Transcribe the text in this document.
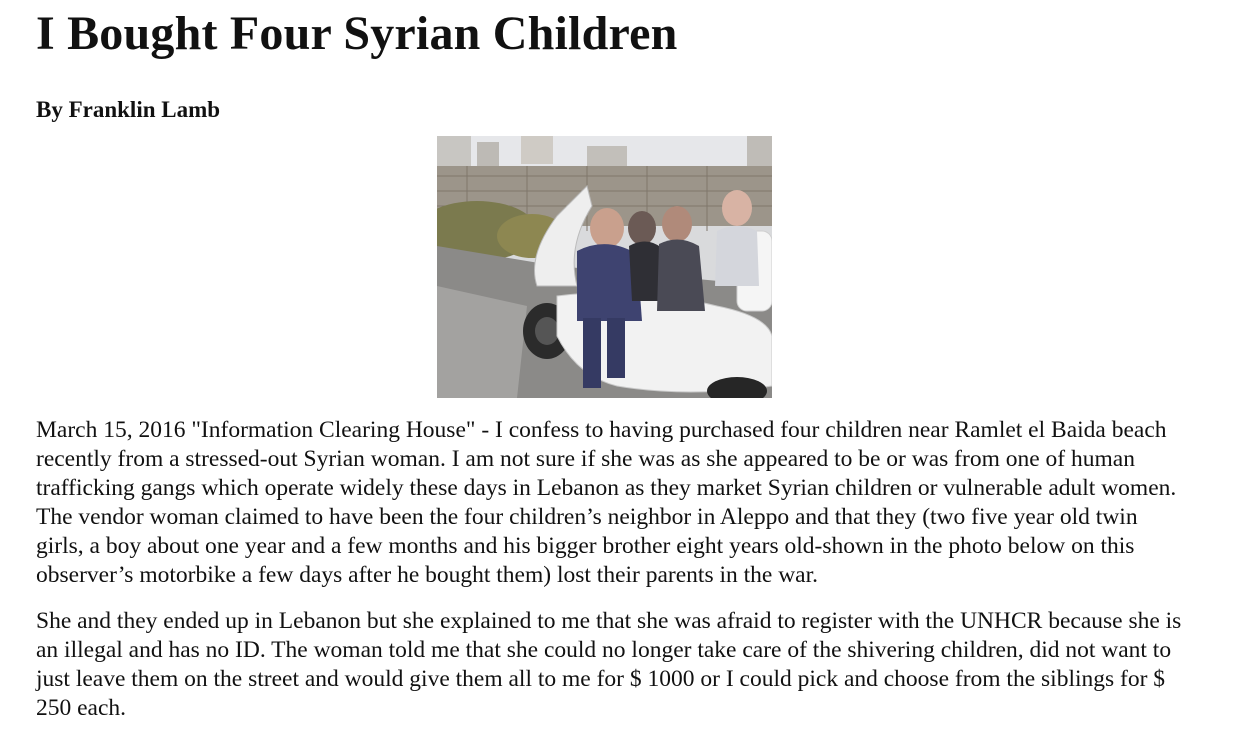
I Bought Four Syrian Children
By Franklin Lamb

March 15, 2016 "Information Clearing House" - I confess to having purchased four children near Ramlet el Baida beach recently from a stressed-out Syrian woman. I am not sure if she was as she appeared to be or was from one of human trafficking gangs which operate widely these days in Lebanon as they market Syrian children or vulnerable adult women. The vendor woman claimed to have been the four children’s neighbor in Aleppo and that they (two five year old twin girls, a boy about one year and a few months and his bigger brother eight years old-shown in the photo below on this observer’s motorbike a few days after he bought them) lost their parents in the war.

She and they ended up in Lebanon but she explained to me that she was afraid to register with the UNHCR because she is an illegal and has no ID. The woman told me that she could no longer take care of the shivering children, did not want to just leave them on the street and would give them all to me for $ 1000 or I could pick and choose from the siblings for $ 250 each.
